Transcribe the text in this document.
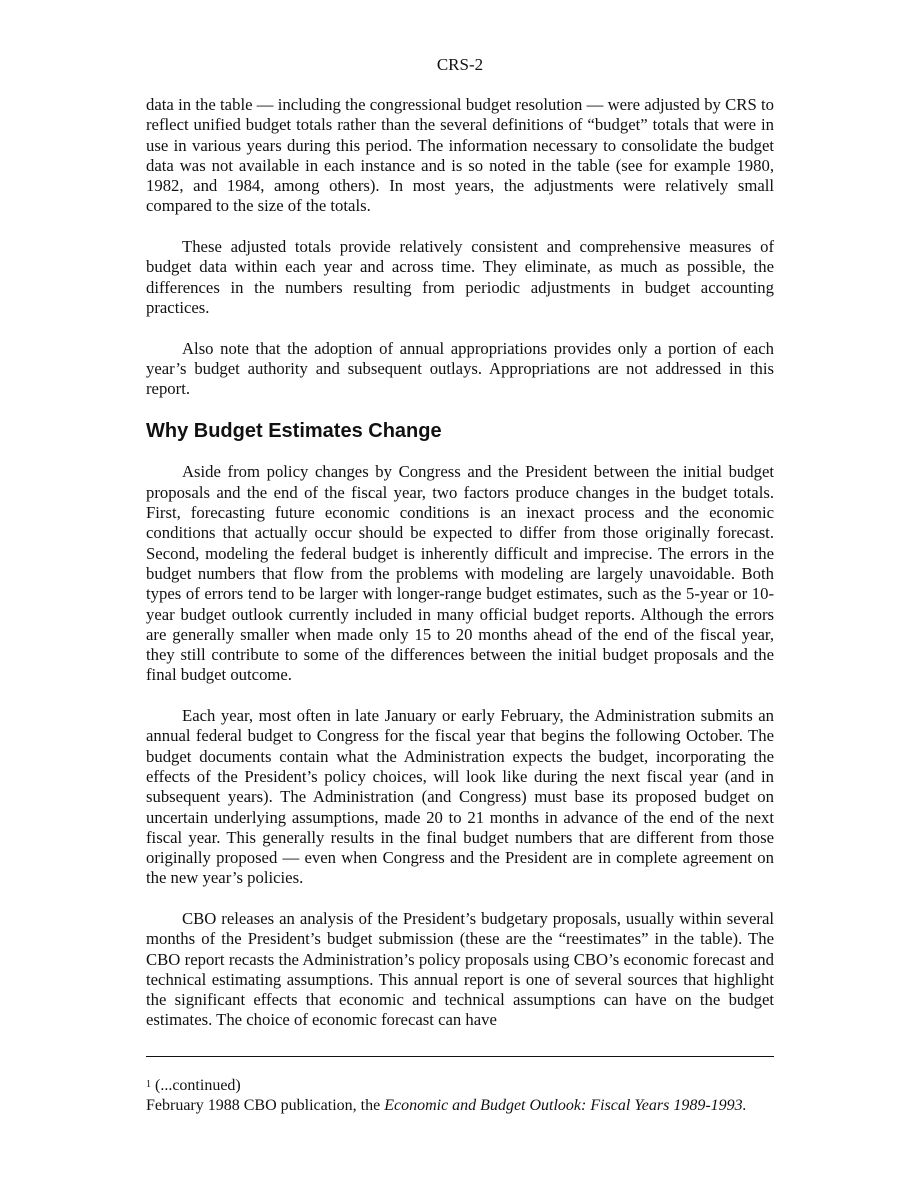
CRS-2

data in the table — including the congressional budget resolution — were adjusted by CRS to reflect unified budget totals rather than the several definitions of “budget” totals that were in use in various years during this period. The information necessary to consolidate the budget data was not available in each instance and is so noted in the table (see for example 1980, 1982, and 1984, among others). In most years, the adjustments were relatively small compared to the size of the totals.

These adjusted totals provide relatively consistent and comprehensive measures of budget data within each year and across time. They eliminate, as much as possible, the differences in the numbers resulting from periodic adjustments in budget accounting practices.

Also note that the adoption of annual appropriations provides only a portion of each year’s budget authority and subsequent outlays. Appropriations are not addressed in this report.

Why Budget Estimates Change

Aside from policy changes by Congress and the President between the initial budget proposals and the end of the fiscal year, two factors produce changes in the budget totals. First, forecasting future economic conditions is an inexact process and the economic conditions that actually occur should be expected to differ from those originally forecast. Second, modeling the federal budget is inherently difficult and imprecise. The errors in the budget numbers that flow from the problems with modeling are largely unavoidable. Both types of errors tend to be larger with longer-range budget estimates, such as the 5-year or 10-year budget outlook currently included in many official budget reports. Although the errors are generally smaller when made only 15 to 20 months ahead of the end of the fiscal year, they still contribute to some of the differences between the initial budget proposals and the final budget outcome.

Each year, most often in late January or early February, the Administration submits an annual federal budget to Congress for the fiscal year that begins the following October. The budget documents contain what the Administration expects the budget, incorporating the effects of the President’s policy choices, will look like during the next fiscal year (and in subsequent years). The Administration (and Congress) must base its proposed budget on uncertain underlying assumptions, made 20 to 21 months in advance of the end of the next fiscal year. This generally results in the final budget numbers that are different from those originally proposed — even when Congress and the President are in complete agreement on the new year’s policies.

CBO releases an analysis of the President’s budgetary proposals, usually within several months of the President’s budget submission (these are the “reestimates” in the table). The CBO report recasts the Administration’s policy proposals using CBO’s economic forecast and technical estimating assumptions. This annual report is one of several sources that highlight the significant effects that economic and technical assumptions can have on the budget estimates. The choice of economic forecast can have

$^1$ (...continued)
February 1988 CBO publication, the Economic and Budget Outlook: Fiscal Years 1989-1993.
